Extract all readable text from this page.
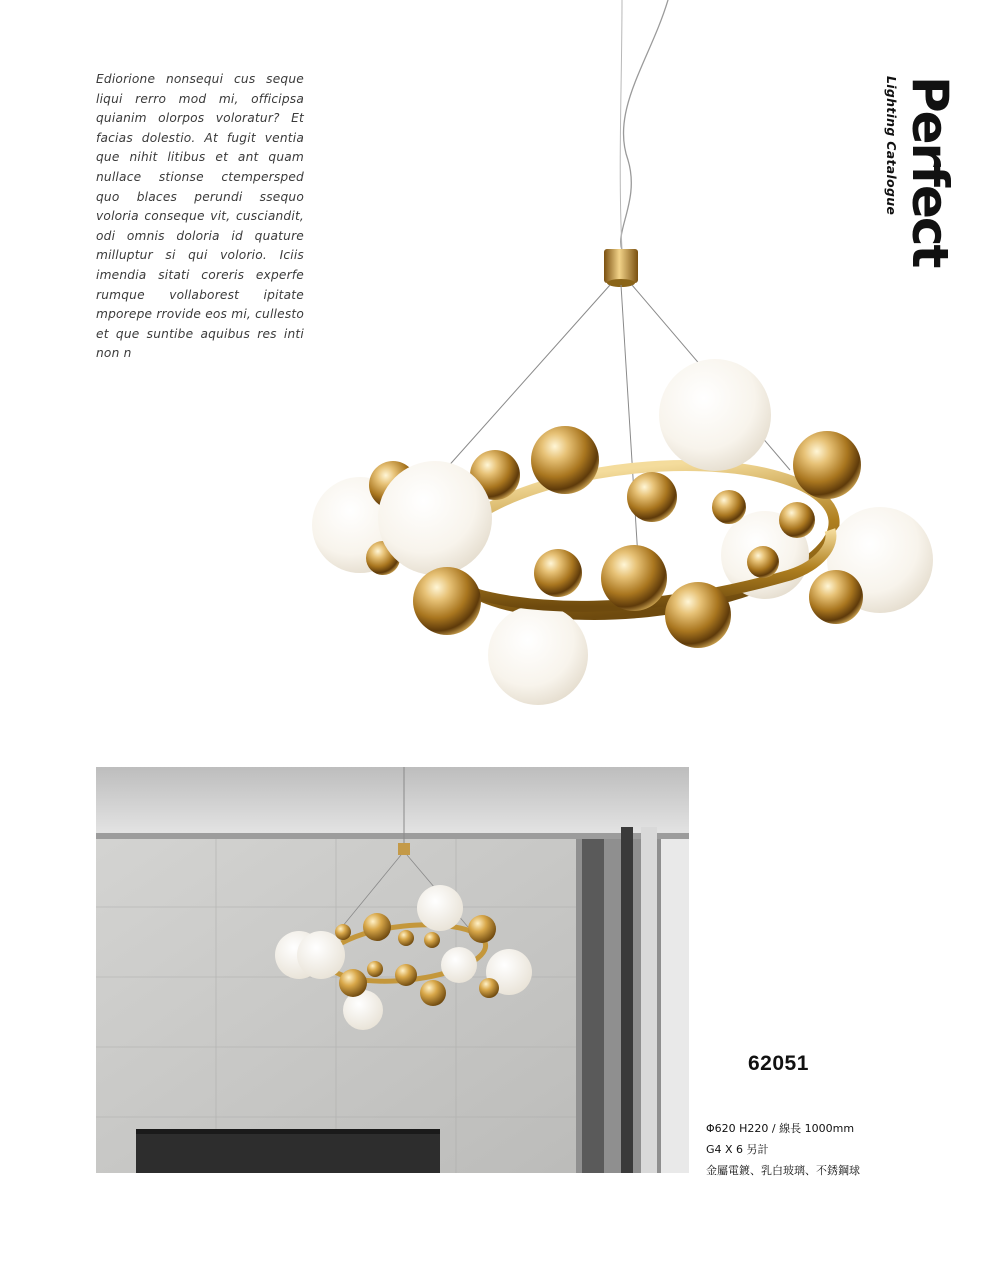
Ediorione nonsequi cus seque liqui rerro mod mi, officipsa quianim olorpos voloratur? Et facias dolestio. At fugit ventia que nihit litibus et ant quam nullace stionse ctempersped quo blaces perundi ssequo voloria conseque vit, cusciandit, odi omnis doloria id quature milluptur si qui volorio. Iciis imendia sitati coreris experfe rumque vollaborest ipitate mporepe rrovide eos mi, cullesto et que suntibe aquibus res inti non n
Perfect
Lighting Catalogue
62051
Φ620 H220 / 線長 1000mm
G4 X 6 另計
金屬電鍍、乳白玻璃、不銹鋼球
